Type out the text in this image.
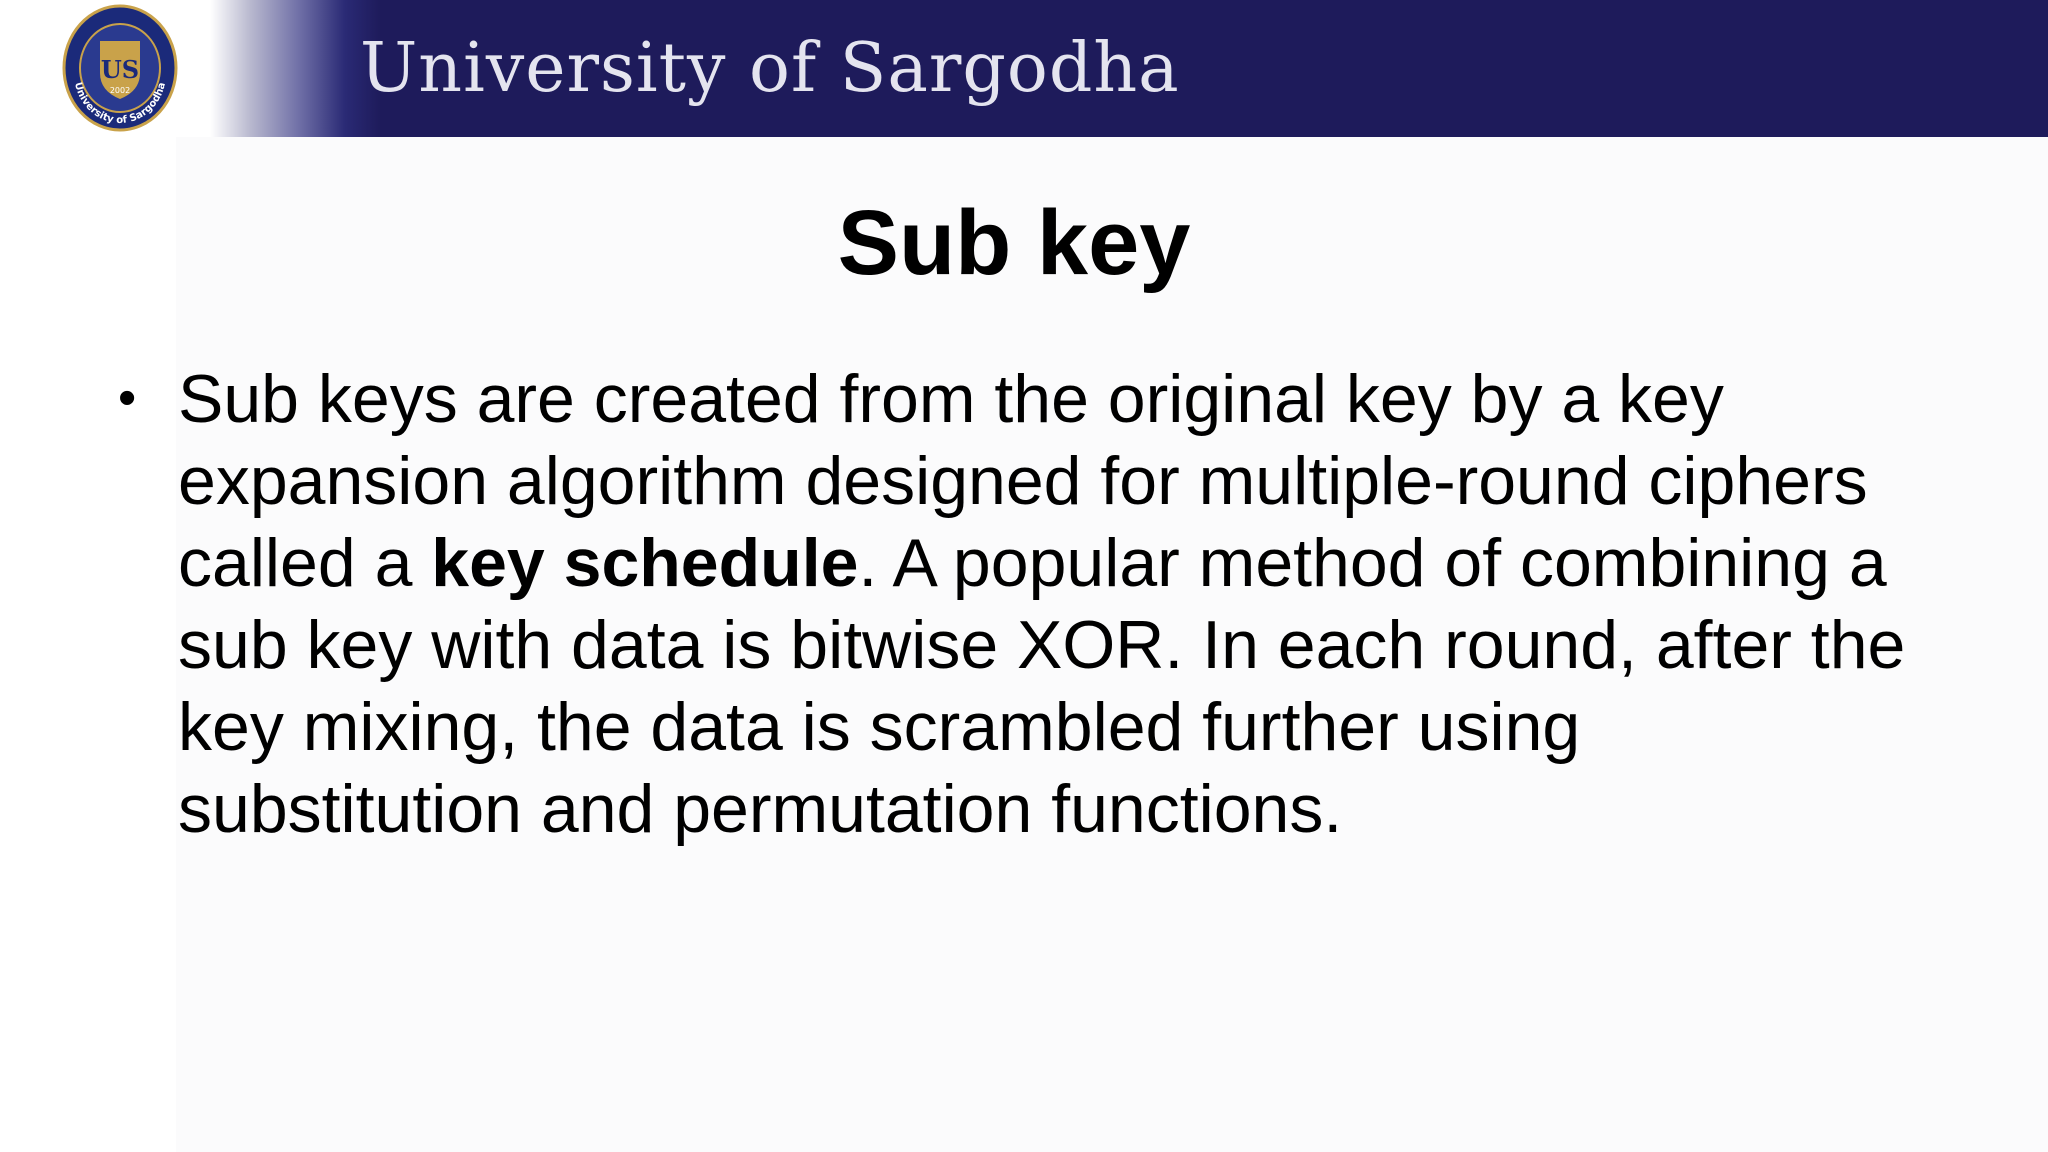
US
2002
University of Sargodha	University of Sargodha
Sub key
• Sub keys are created from the original key by a key
expansion algorithm designed for multiple-round ciphers
called a key schedule. A popular method of combining a
sub key with data is bitwise XOR. In each round, after the
key mixing, the data is scrambled further using
substitution and permutation functions.
